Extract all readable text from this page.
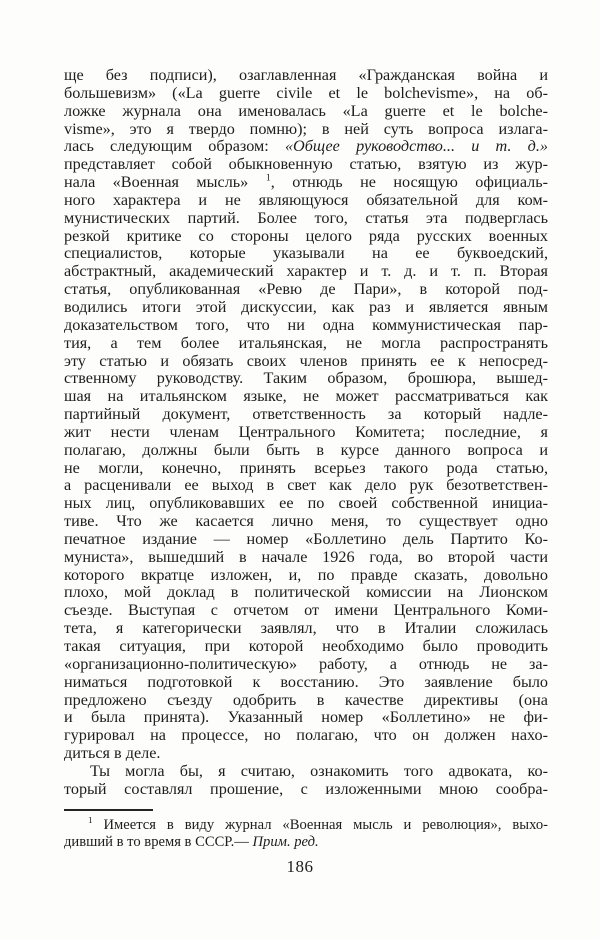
ще без подписи), озаглавленная «Гражданская война и
большевизм» («La guerre civile et le bolchevisme», на об-
ложке журнала она именовалась «La guerre et le bolche-
visme», это я твердо помню); в ней суть вопроса излага-
лась следующим образом: «Общее руководство... и т. д.»
представляет собой обыкновенную статью, взятую из жур-
нала «Военная мысль» $^1$, отнюдь не носящую официаль-
ного характера и не являющуюся обязательной для ком-
мунистических партий. Более того, статья эта подверглась
резкой критике со стороны целого ряда русских военных
специалистов, которые указывали на ее буквоедский,
абстрактный, академический характер и т. д. и т. п. Вторая
статья, опубликованная «Ревю де Пари», в которой под-
водились итоги этой дискуссии, как раз и является явным
доказательством того, что ни одна коммунистическая пар-
тия, а тем более итальянская, не могла распространять
эту статью и обязать своих членов принять ее к непосред-
ственному руководству. Таким образом, брошюра, вышед-
шая на итальянском языке, не может рассматриваться как
партийный документ, ответственность за который надле-
жит нести членам Центрального Комитета; последние, я
полагаю, должны были быть в курсе данного вопроса и
не могли, конечно, принять всерьез такого рода статью,
а расценивали ее выход в свет как дело рук безответствен-
ных лиц, опубликовавших ее по своей собственной инициа-
тиве. Что же касается лично меня, то существует одно
печатное издание — номер «Боллетино дель Партито Ко-
муниста», вышедший в начале 1926 года, во второй части
которого вкратце изложен, и, по правде сказать, довольно
плохо, мой доклад в политической комиссии на Лионском
съезде. Выступая с отчетом от имени Центрального Коми-
тета, я категорически заявлял, что в Италии сложилась
такая ситуация, при которой необходимо было проводить
«организационно-политическую» работу, а отнюдь не за-
ниматься подготовкой к восстанию. Это заявление было
предложено съезду одобрить в качестве директивы (она
и была принята). Указанный номер «Боллетино» не фи-
гурировал на процессе, но полагаю, что он должен нахо-
диться в деле.
Ты могла бы, я считаю, ознакомить того адвоката, ко-
торый составлял прошение, с изложенными мною сообра-
$^1$ Имеется в виду журнал «Военная мысль и революция», выхо-
дивший в то время в СССР.— Прим. ред.
186
